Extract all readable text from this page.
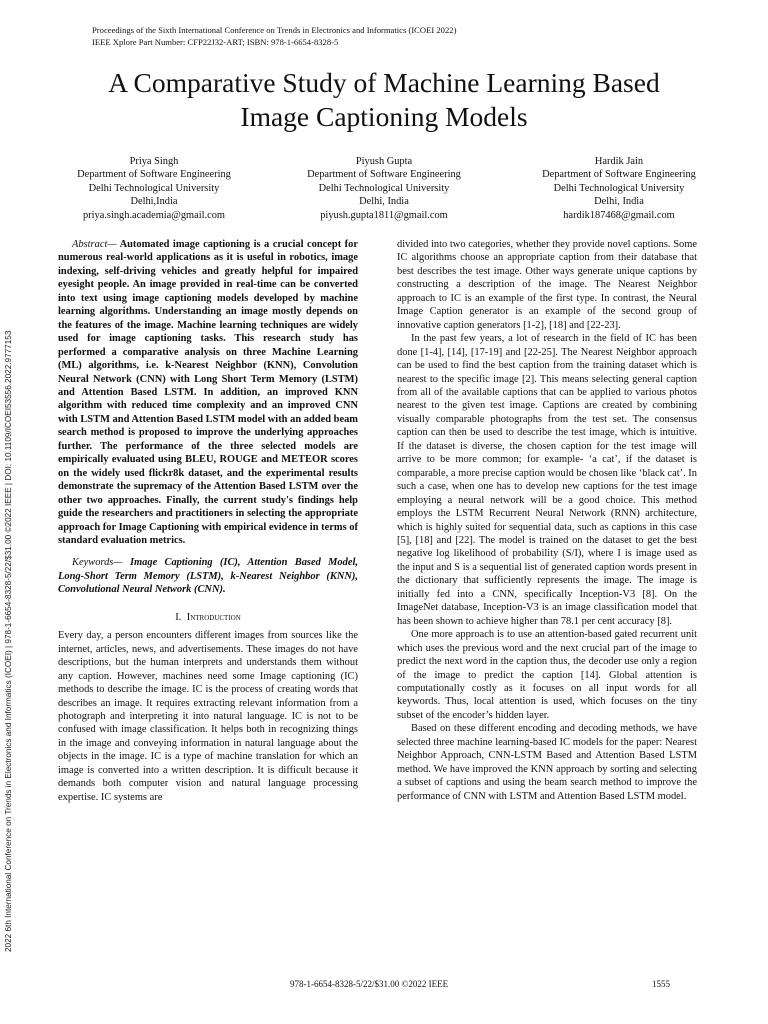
Proceedings of the Sixth International Conference on Trends in Electronics and Informatics (ICOEI 2022)
IEEE Xplore Part Number: CFP22J32-ART; ISBN: 978-1-6654-8328-5
A Comparative Study of Machine Learning Based
Image Captioning Models
Priya Singh
Department of Software Engineering
Delhi Technological University
Delhi,India
priya.singh.academia@gmail.com
Piyush Gupta
Department of Software Engineering
Delhi Technological University
Delhi, India
piyush.gupta1811@gmail.com
Hardik Jain
Department of Software Engineering
Delhi Technological University
Delhi, India
hardik187468@gmail.com

Abstract— Automated image captioning is a crucial concept for numerous real-world applications as it is useful in robotics, image indexing, self-driving vehicles and greatly helpful for impaired eyesight people. An image provided in real-time can be converted into text using image captioning models developed by machine learning algorithms. Understanding an image mostly depends on the features of the image. Machine learning techniques are widely used for image captioning tasks. This research study has performed a comparative analysis on three Machine Learning (ML) algorithms, i.e. k-Nearest Neighbor (KNN), Convolution Neural Network (CNN) with Long Short Term Memory (LSTM) and Attention Based LSTM. In addition, an improved KNN algorithm with reduced time complexity and an improved CNN with LSTM and Attention Based LSTM model with an added beam search method is proposed to improve the underlying approaches further. The performance of the three selected models are empirically evaluated using BLEU, ROUGE and METEOR scores on the widely used flickr8k dataset, and the experimental results demonstrate the supremacy of the Attention Based LSTM over the other two approaches. Finally, the current study's findings help guide the researchers and practitioners in selecting the appropriate approach for Image Captioning with empirical evidence in terms of standard evaluation metrics.

Keywords— Image Captioning (IC), Attention Based Model, Long-Short Term Memory (LSTM), k-Nearest Neighbor (KNN), Convolutional Neural Network (CNN).

I. Introduction

Every day, a person encounters different images from sources like the internet, articles, news, and advertisements. These images do not have descriptions, but the human interprets and understands them without any caption. However, machines need some Image captioning (IC) methods to describe the image. IC is the process of creating words that describes an image. It requires extracting relevant information from a photograph and interpreting it into natural language. IC is not to be confused with image classification. It helps both in recognizing things in the image and conveying information in natural language about the objects in the image. IC is a type of machine translation for which an image is converted into a written description. It is difficult because it demands both computer vision and natural language processing expertise. IC systems are

divided into two categories, whether they provide novel captions. Some IC algorithms choose an appropriate caption from their database that best describes the test image. Other ways generate unique captions by constructing a description of the image. The Nearest Neighbor approach to IC is an example of the first type. In contrast, the Neural Image Caption generator is an example of the second group of innovative caption generators [1-2], [18] and [22-23].

In the past few years, a lot of research in the field of IC has been done [1-4], [14], [17-19] and [22-25]. The Nearest Neighbor approach can be used to find the best caption from the training dataset which is nearest to the specific image [2]. This means selecting general caption from all of the available captions that can be applied to various photos nearest to the given test image. Captions are created by combining visually comparable photographs from the test set. The consensus caption can then be used to describe the test image, which is intuitive. If the dataset is diverse, the chosen caption for the test image will arrive to be more common; for example- ‘a cat’, if the dataset is comparable, a more precise caption would be chosen like ‘black cat’. In such a case, when one has to develop new captions for the test image employing a neural network will be a good choice. This method employs the LSTM Recurrent Neural Network (RNN) architecture, which is highly suited for sequential data, such as captions in this case [5], [18] and [22]. The model is trained on the dataset to get the best negative log likelihood of probability (S/I), where I is image used as the input and S is a sequential list of generated caption words present in the dictionary that sufficiently represents the image. The image is initially fed into a CNN, specifically Inception-V3 [8]. On the ImageNet database, Inception-V3 is an image classification model that has been shown to achieve higher than 78.1 per cent accuracy [8].

One more approach is to use an attention-based gated recurrent unit which uses the previous word and the next crucial part of the image to predict the next word in the caption thus, the decoder use only a region of the image to predict the caption [14]. Global attention is computationally costly as it focuses on all input words for all keywords. Thus, local attention is used, which focuses on the tiny subset of the encoder’s hidden layer.

Based on these different encoding and decoding methods, we have selected three machine learning-based IC models for the paper: Nearest Neighbor Approach, CNN-LSTM Based and Attention Based LSTM method. We have improved the KNN approach by sorting and selecting a subset of captions and using the beam search method to improve the performance of CNN with LSTM and Attention Based LSTM model.

2022 6th International Conference on Trends in Electronics and Informatics (ICOEI) | 978-1-6654-8328-5/22/$31.00 ©2022 IEEE | DOI: 10.1109/ICOEI53556.2022.9777153
978-1-6654-8328-5/22/$31.00 ©2022 IEEE	1555
